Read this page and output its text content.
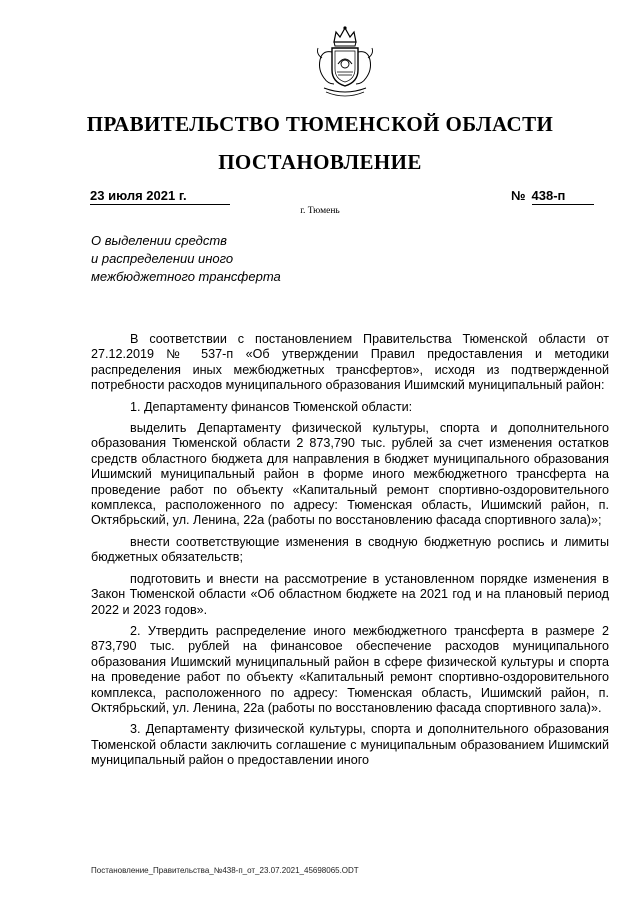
ПРАВИТЕЛЬСТВО ТЮМЕНСКОЙ ОБЛАСТИ
ПОСТАНОВЛЕНИЕ
23 июля 2021 г.	№ 438-п
г. Тюмень
О выделении средств
и распределении иного
межбюджетного трансферта

В соответствии с постановлением Правительства Тюменской области от 27.12.2019 № 537-п «Об утверждении Правил предоставления и методики распределения иных межбюджетных трансфертов», исходя из подтвержденной потребности расходов муниципального образования Ишимский муниципальный район:

1. Департаменту финансов Тюменской области:

выделить Департаменту физической культуры, спорта и дополнительного образования Тюменской области 2 873,790 тыс. рублей за счет изменения остатков средств областного бюджета для направления в бюджет муниципального образования Ишимский муниципальный район в форме иного межбюджетного трансферта на проведение работ по объекту «Капитальный ремонт спортивно-оздоровительного комплекса, расположенного по адресу: Тюменская область, Ишимский район, п. Октябрьский, ул. Ленина, 22а (работы по восстановлению фасада спортивного зала)»;

внести соответствующие изменения в сводную бюджетную роспись и лимиты бюджетных обязательств;

подготовить и внести на рассмотрение в установленном порядке изменения в Закон Тюменской области «Об областном бюджете на 2021 год и на плановый период 2022 и 2023 годов».

2. Утвердить распределение иного межбюджетного трансферта в размере 2 873,790 тыс. рублей на финансовое обеспечение расходов муниципального образования Ишимский муниципальный район в сфере физической культуры и спорта на проведение работ по объекту «Капитальный ремонт спортивно-оздоровительного комплекса, расположенного по адресу: Тюменская область, Ишимский район, п. Октябрьский, ул. Ленина, 22а (работы по восстановлению фасада спортивного зала)».

3. Департаменту физической культуры, спорта и дополнительного образования Тюменской области заключить соглашение с муниципальным образованием Ишимский муниципальный район о предоставлении иного

Постановление_Правительства_№438-п_от_23.07.2021_45698065.ODT
